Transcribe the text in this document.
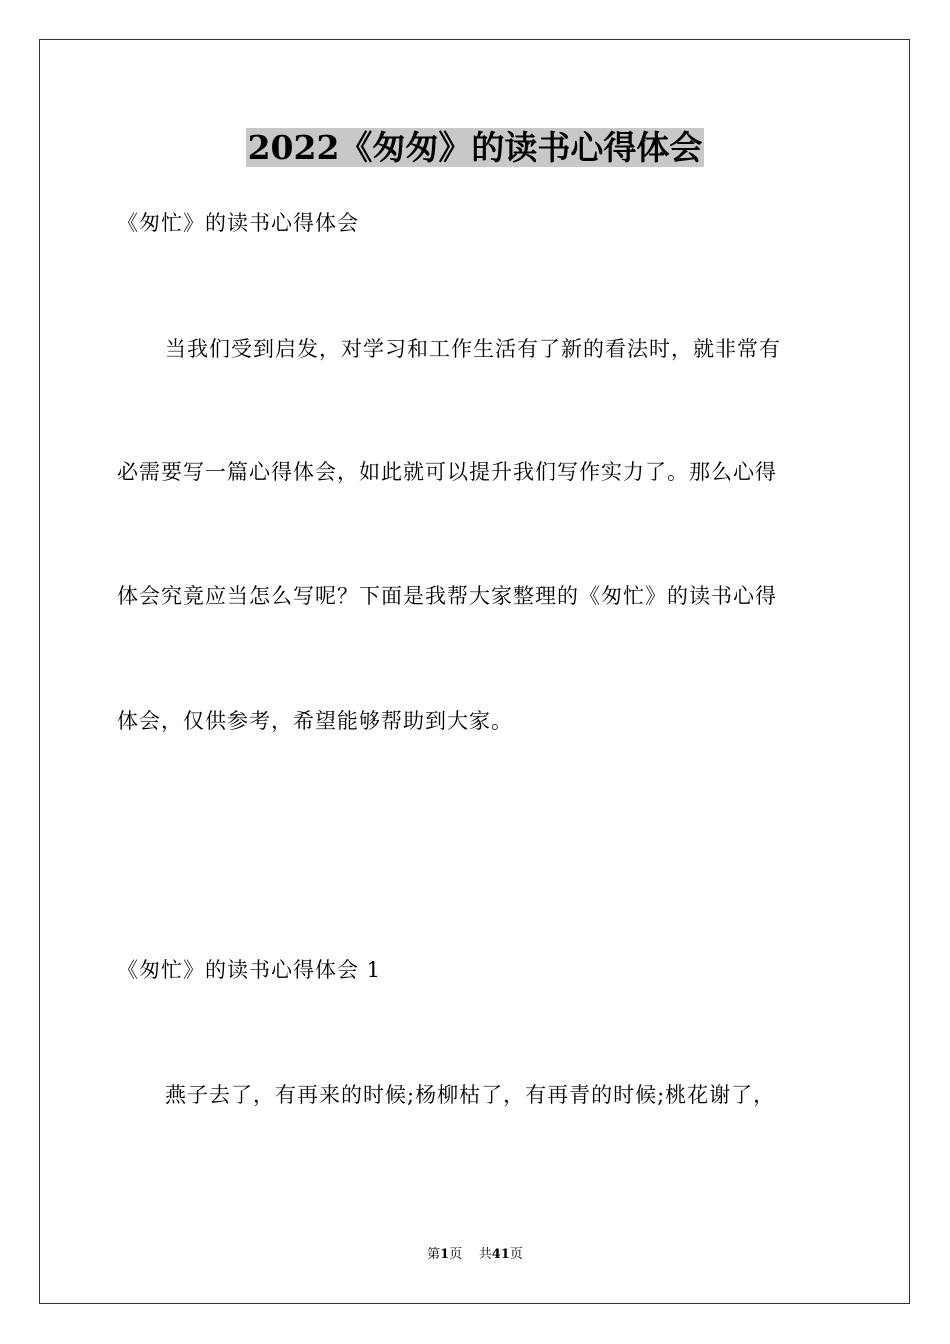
2022《匆匆》的读书心得体会
《匆忙》的读书心得体会
当我们受到启发，对学习和工作生活有了新的看法时，就非常有
必需要写一篇心得体会，如此就可以提升我们写作实力了。那么心得
体会究竟应当怎么写呢？下面是我帮大家整理的《匆忙》的读书心得
体会，仅供参考，希望能够帮助到大家。
《匆忙》的读书心得体会 1
燕子去了，有再来的时候;杨柳枯了，有再青的时候;桃花谢了，
第1页 共41页
